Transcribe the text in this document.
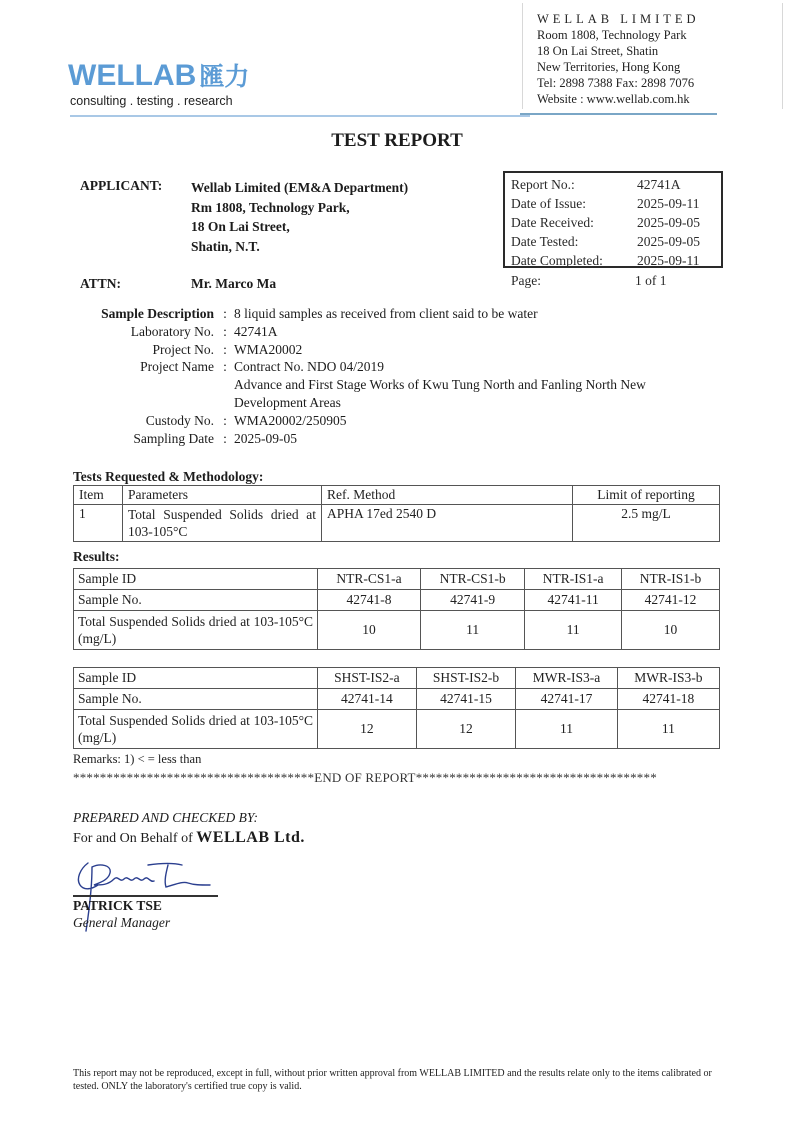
WELLAB 匯力
consulting . testing . research
WELLAB LIMITED
Room 1808, Technology Park
18 On Lai Street, Shatin
New Territories, Hong Kong
Tel: 2898 7388 Fax: 2898 7076
Website : www.wellab.com.hk
TEST REPORT
APPLICANT: Wellab Limited (EM&A Department)
Rm 1808, Technology Park,
18 On Lai Street,
Shatin, N.T.
ATTN:	Mr. Marco Ma
Report No.:	42741A
Date of Issue:	2025-09-11
Date Received:	2025-09-05
Date Tested:	2025-09-05
Date Completed:	2025-09-11
Page:	1 of 1
Sample Description : 8 liquid samples as received from client said to be water
Laboratory No. : 42741A
Project No. : WMA20002
Project Name : Contract No. NDO 04/2019
Advance and First Stage Works of Kwu Tung North and Fanling North New Development Areas
Custody No. : WMA20002/250905
Sampling Date : 2025-09-05
Tests Requested & Methodology:
Item	Parameters	Ref. Method	Limit of reporting
1	Total Suspended Solids dried at 103-105°C	APHA 17ed 2540 D	2.5 mg/L
Results:
Sample ID	NTR-CS1-a	NTR-CS1-b	NTR-IS1-a	NTR-IS1-b
Sample No.	42741-8	42741-9	42741-11	42741-12
Total Suspended Solids dried at 103-105°C (mg/L)	10	11	11	10
Sample ID	SHST-IS2-a	SHST-IS2-b	MWR-IS3-a	MWR-IS3-b
Sample No.	42741-14	42741-15	42741-17	42741-18
Total Suspended Solids dried at 103-105°C (mg/L)	12	12	11	11
Remarks: 1) < = less than
************************************END OF REPORT************************************
PREPARED AND CHECKED BY:
For and On Behalf of WELLAB Ltd.
PATRICK TSE
General Manager
This report may not be reproduced, except in full, without prior written approval from WELLAB LIMITED and the results relate only to the items calibrated or tested. ONLY the laboratory's certified true copy is valid.
